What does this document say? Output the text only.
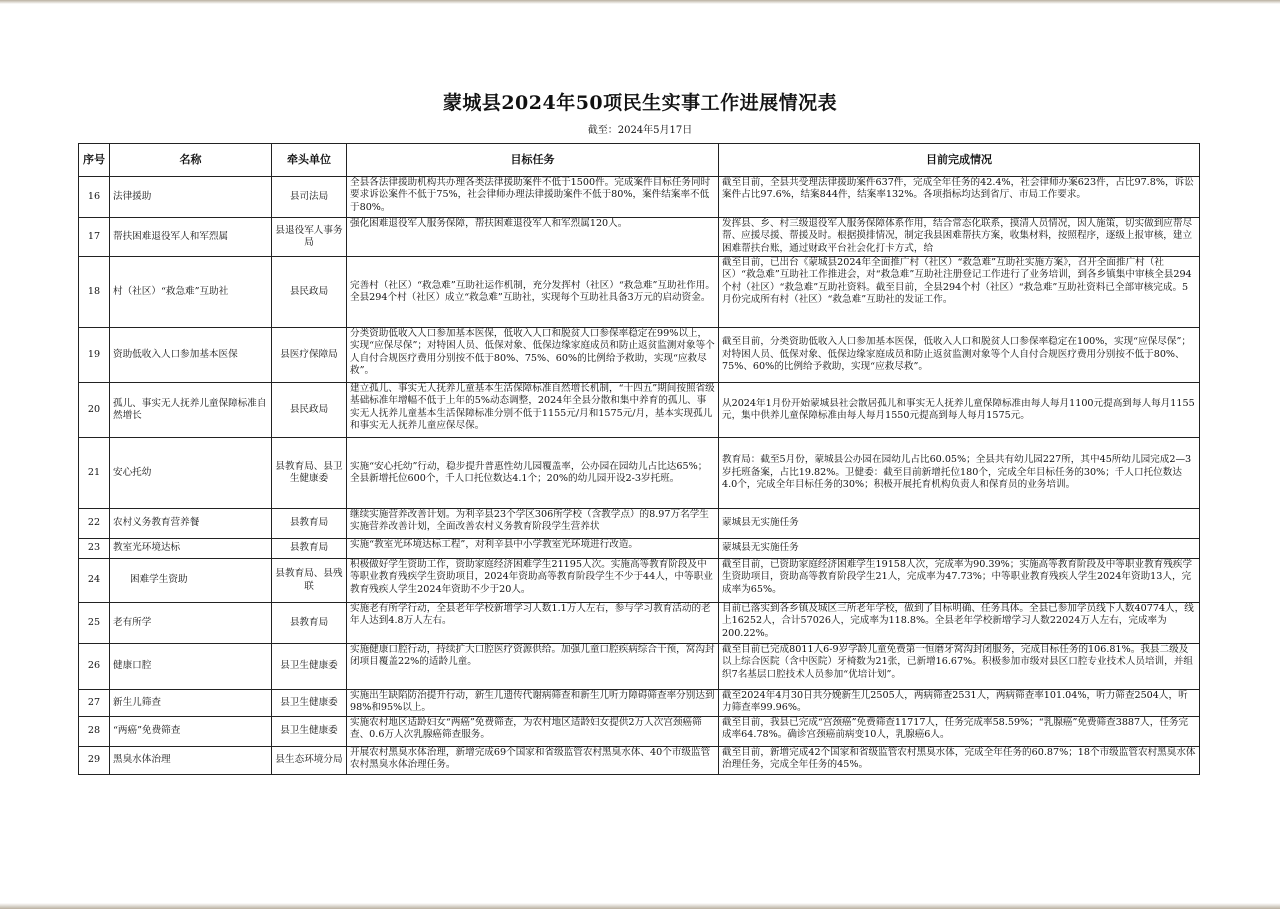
蒙城县2024年50项民生实事工作进展情况表
截至：2024年5月17日
序号	名称	牵头单位	目标任务	目前完成情况
16	法律援助	县司法局	全县各法律援助机构共办理各类法律援助案件不低于1500件。完成案件目标任务同时要求诉讼案件不低于75%，社会律师办理法律援助案件不低于80%，案件结案率不低于80%。	截至目前，全县共受理法律援助案件637件，完成全年任务的42.4%，社会律师办案623件，占比97.8%，诉讼案件占比97.6%，结案844件，结案率132%。各项指标均达到省厅、市局工作要求。

17	帮扶困难退役军人和军烈属	县退役军人事务局	强化困难退役军人服务保障，帮扶困难退役军人和军烈属120人。	发挥县、乡、村三级退役军人服务保障体系作用，结合常态化联系，摸清人员情况，因人施策，切实做到应帮尽帮、应援尽援、帮援及时。根据摸排情况，制定我县困难帮扶方案，收集材料，按照程序，逐级上报审核，建立困难帮扶台账，通过财政平台社会化打卡方式，给

18	村（社区）“救急难”互助社	县民政局	完善村（社区）“救急难”互助社运作机制，充分发挥村（社区）“救急难”互助社作用。全县294个村（社区）成立“救急难”互助社，实现每个互助社具备3万元的启动资金。	截至目前，已出台《蒙城县2024年全面推广村（社区）“救急难”互助社实施方案》，召开全面推广村（社区）“救急难”互助社工作推进会，对“救急难”互助社注册登记工作进行了业务培训，到各乡镇集中审核全县294个村（社区）“救急难”互助社资料。截至目前，全县294个村（社区）“救急难”互助社资料已全部审核完成。5月份完成所有村（社区）“救急难”互助社的发证工作。

19	资助低收入人口参加基本医保	县医疗保障局	分类资助低收入人口参加基本医保，低收入人口和脱贫人口参保率稳定在99%以上，实现“应保尽保”；对特困人员、低保对象、低保边缘家庭成员和防止返贫监测对象等个人自付合规医疗费用分别按不低于80%、75%、60%的比例给予救助，实现“应救尽救”。	截至目前，分类资助低收入人口参加基本医保，低收入人口和脱贫人口参保率稳定在100%，实现“应保尽保”；对特困人员、低保对象、低保边缘家庭成员和防止返贫监测对象等个人自付合规医疗费用分别按不低于80%、75%、60%的比例给予救助，实现“应救尽救”。

20	孤儿、事实无人抚养儿童保障标准自然增长	县民政局	建立孤儿、事实无人抚养儿童基本生活保障标准自然增长机制，“十四五”期间按照省级基础标准年增幅不低于上年的5%动态调整，2024年全县分散和集中养育的孤儿、事实无人抚养儿童基本生活保障标准分别不低于1155元/月和1575元/月，基本实现孤儿和事实无人抚养儿童应保尽保。	从2024年1月份开始蒙城县社会散居孤儿和事实无人抚养儿童保障标准由每人每月1100元提高到每人每月1155元，集中供养儿童保障标准由每人每月1550元提高到每人每月1575元。

21	安心托幼	县教育局、县卫生健康委	实施“安心托幼”行动，稳步提升普惠性幼儿园覆盖率，公办园在园幼儿占比达65%；全县新增托位600个，千人口托位数达4.1个；20%的幼儿园开设2-3岁托班。	教育局：截至5月份，蒙城县公办园在园幼儿占比60.05%；全县共有幼儿园227所，其中45所幼儿园完成2—3岁托班备案，占比19.82%。卫健委：截至目前新增托位180个，完成全年目标任务的30%；千人口托位数达4.0个，完成全年目标任务的30%；积极开展托育机构负责人和保育员的业务培训。

22	农村义务教育营养餐	县教育局	继续实施营养改善计划。为利辛县23个学区306所学校（含教学点）的8.97万名学生实施营养改善计划，全面改善农村义务教育阶段学生营养状	蒙城县无实施任务

23	教室光环境达标	县教育局	实施“教室光环境达标工程”，对利辛县中小学教室光环境进行改造。	蒙城县无实施任务

24	困难学生资助	县教育局、县残联	积极做好学生资助工作，资助家庭经济困难学生21195人次。实施高等教育阶段及中等职业教育残疾学生资助项目，2024年资助高等教育阶段学生不少于44人，中等职业教育残疾人学生2024年资助不少于20人。	截至目前，已资助家庭经济困难学生19158人次，完成率为90.39%；实施高等教育阶段及中等职业教育残疾学生资助项目，资助高等教育阶段学生21人，完成率为47.73%；中等职业教育残疾人学生2024年资助13人，完成率为65%。

25	老有所学	县教育局	实施老有所学行动，全县老年学校新增学习人数1.1万人左右，参与学习教育活动的老年人达到4.8万人左右。	目前已落实到各乡镇及城区三所老年学校，做到了目标明确、任务具体。全县已参加学员线下人数40774人，线上16252人，合计57026人，完成率为118.8%。全县老年学校新增学习人数22024万人左右，完成率为200.22%。

26	健康口腔	县卫生健康委	实施健康口腔行动，持续扩大口腔医疗资源供给。加强儿童口腔疾病综合干预，窝沟封闭项目覆盖22%的适龄儿童。	截至目前已完成8011人6-9岁学龄儿童免费第一恒磨牙窝沟封闭服务，完成目标任务的106.81%。我县二级及以上综合医院（含中医院）牙椅数为21张，已新增16.67%。积极参加市级对县区口腔专业技术人员培训，并组织7名基层口腔技术人员参加“优培计划”。

27	新生儿筛查	县卫生健康委	实施出生缺陷防治提升行动，新生儿遗传代谢病筛查和新生儿听力障碍筛查率分别达到98%和95%以上。	截至2024年4月30日共分娩新生儿2505人，两病筛查2531人，两病筛查率101.04%，听力筛查2504人，听力筛查率99.96%。

28	“两癌”免费筛查	县卫生健康委	实施农村地区适龄妇女“两癌”免费筛查，为农村地区适龄妇女提供2万人次宫颈癌筛查、0.6万人次乳腺癌筛查服务。	截至目前，我县已完成“宫颈癌”免费筛查11717人，任务完成率58.59%；“乳腺癌”免费筛查3887人，任务完成率64.78%。确诊宫颈癌前病变10人，乳腺癌6人。

29	黑臭水体治理	县生态环境分局	开展农村黑臭水体治理，新增完成69个国家和省级监管农村黑臭水体、40个市级监管农村黑臭水体治理任务。	截至目前，新增完成42个国家和省级监管农村黑臭水体，完成全年任务的60.87%；18个市级监管农村黑臭水体治理任务，完成全年任务的45%。
